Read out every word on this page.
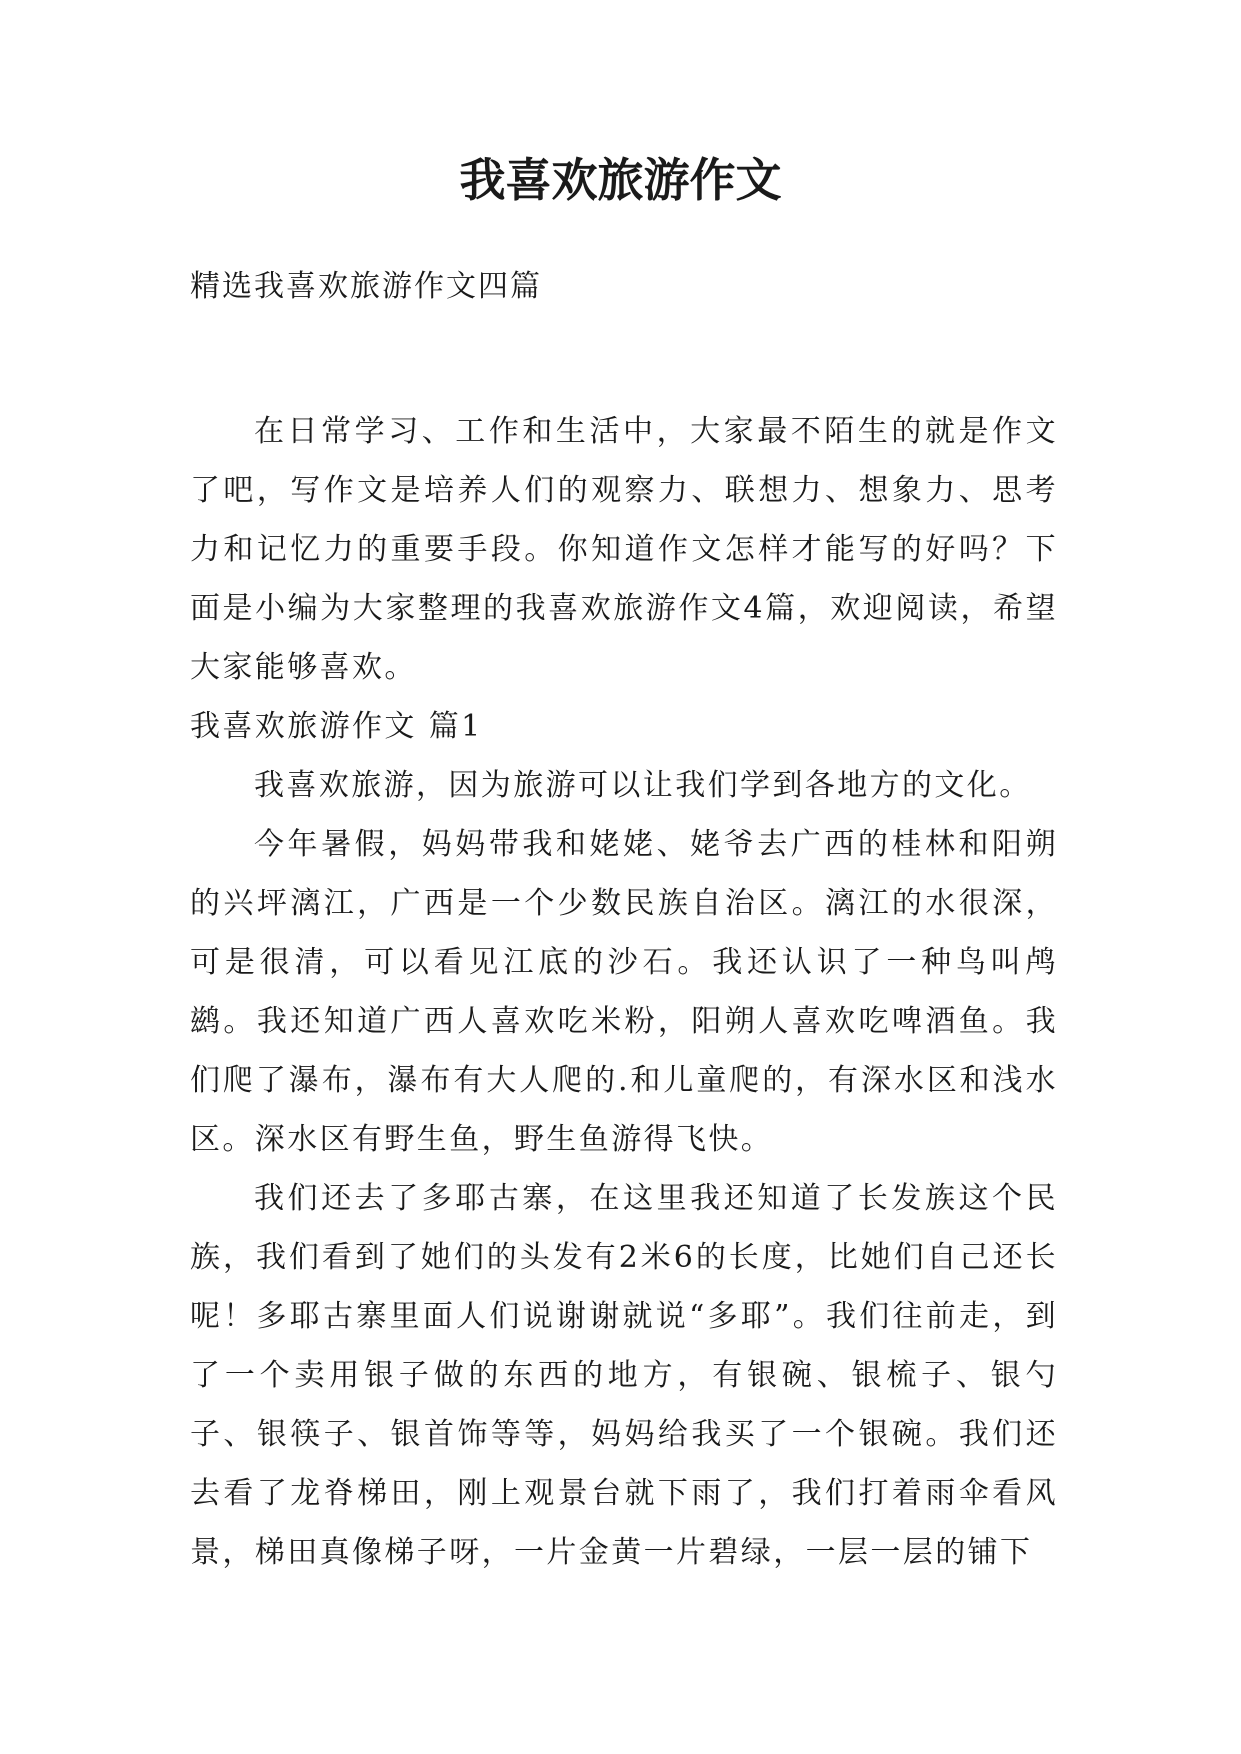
我喜欢旅游作文
精选我喜欢旅游作文四篇

在日常学习、工作和生活中，大家最不陌生的就是作文了吧，写作文是培养人们的观察力、联想力、想象力、思考力和记忆力的重要手段。你知道作文怎样才能写的好吗？下面是小编为大家整理的我喜欢旅游作文4篇，欢迎阅读，希望大家能够喜欢。

我喜欢旅游作文 篇1

我喜欢旅游，因为旅游可以让我们学到各地方的文化。

今年暑假，妈妈带我和姥姥、姥爷去广西的桂林和阳朔的兴坪漓江，广西是一个少数民族自治区。漓江的水很深，可是很清，可以看见江底的沙石。我还认识了一种鸟叫鸬鹚。我还知道广西人喜欢吃米粉，阳朔人喜欢吃啤酒鱼。我们爬了瀑布，瀑布有大人爬的.和儿童爬的，有深水区和浅水区。深水区有野生鱼，野生鱼游得飞快。

我们还去了多耶古寨，在这里我还知道了长发族这个民族，我们看到了她们的头发有2米6的长度，比她们自己还长呢！多耶古寨里面人们说谢谢就说“多耶”。我们往前走，到了一个卖用银子做的东西的地方，有银碗、银梳子、银勺子、银筷子、银首饰等等，妈妈给我买了一个银碗。我们还去看了龙脊梯田，刚上观景台就下雨了，我们打着雨伞看风景，梯田真像梯子呀，一片金黄一片碧绿，一层一层的铺下
